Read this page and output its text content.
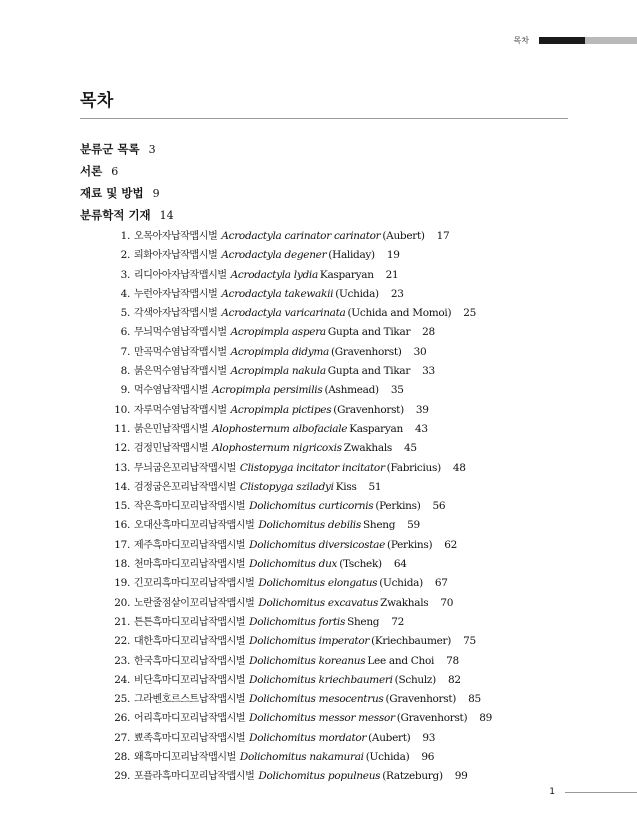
목차
목차
분류군 목록 3
서론 6
재료 및 방법 9
분류학적 기재 14
1. 오목아자납작맵시벌 Acrodactyla carinator carinator (Aubert) 17
2. 뢰화아자납작맵시벌 Acrodactyla degener (Haliday) 19
3. 리디아아자납작맵시벌 Acrodactyla lydia Kasparyan 21
4. 누런아자납작맵시벌 Acrodactyla takewakii (Uchida) 23
5. 각색아자납작맵시벌 Acrodactyla varicarinata (Uchida and Momoi) 25
6. 무늬먹수염납작맵시벌 Acropimpla aspera Gupta and Tikar 28
7. 만곡먹수염납작맵시벌 Acropimpla didyma (Gravenhorst) 30
8. 붉은먹수염납작맵시벌 Acropimpla nakula Gupta and Tikar 33
9. 먹수염납작맵시벌 Acropimpla persimilis (Ashmead) 35
10. 자루먹수염납작맵시벌 Acropimpla pictipes (Gravenhorst) 39
11. 붉은민납작맵시벌 Alophosternum albofaciale Kasparyan 43
12. 검정민납작맵시벌 Alophosternum nigricoxis Zwakhals 45
13. 무늬굽은꼬리납작맵시벌 Clistopyga incitator incitator (Fabricius) 48
14. 검정굽은꼬리납작맵시벌 Clistopyga sziladyi Kiss 51
15. 작은흑마디꼬리납작맵시벌 Dolichomitus curticornis (Perkins) 56
16. 오대산흑마디꼬리납작맵시벌 Dolichomitus debilis Sheng 59
17. 제주흑마디꼬리납작맵시벌 Dolichomitus diversicostae (Perkins) 62
18. 천마흑마디꼬리납작맵시벌 Dolichomitus dux (Tschek) 64
19. 긴꼬리흑마디꼬리납작맵시벌 Dolichomitus elongatus (Uchida) 67
20. 노란줄점샅이꼬리납작맵시벌 Dolichomitus excavatus Zwakhals 70
21. 튼튼흑마디꼬리납작맵시벌 Dolichomitus fortis Sheng 72
22. 대한흑마디꼬리납작맵시벌 Dolichomitus imperator (Kriechbaumer) 75
23. 한국흑마디꼬리납작맵시벌 Dolichomitus koreanus Lee and Choi 78
24. 비단흑마디꼬리납작맵시벌 Dolichomitus kriechbaumeri (Schulz) 82
25. 그라벤호르스트납작맵시벌 Dolichomitus mesocentrus (Gravenhorst) 85
26. 어리흑마디꼬리납작맵시벌 Dolichomitus messor messor (Gravenhorst) 89
27. 뾰족흑마디꼬리납작맵시벌 Dolichomitus mordator (Aubert) 93
28. 왜흑마디꼬리납작맵시벌 Dolichomitus nakamurai (Uchida) 96
29. 포플라흑마디꼬리납작맵시벌 Dolichomitus populneus (Ratzeburg) 99
1
